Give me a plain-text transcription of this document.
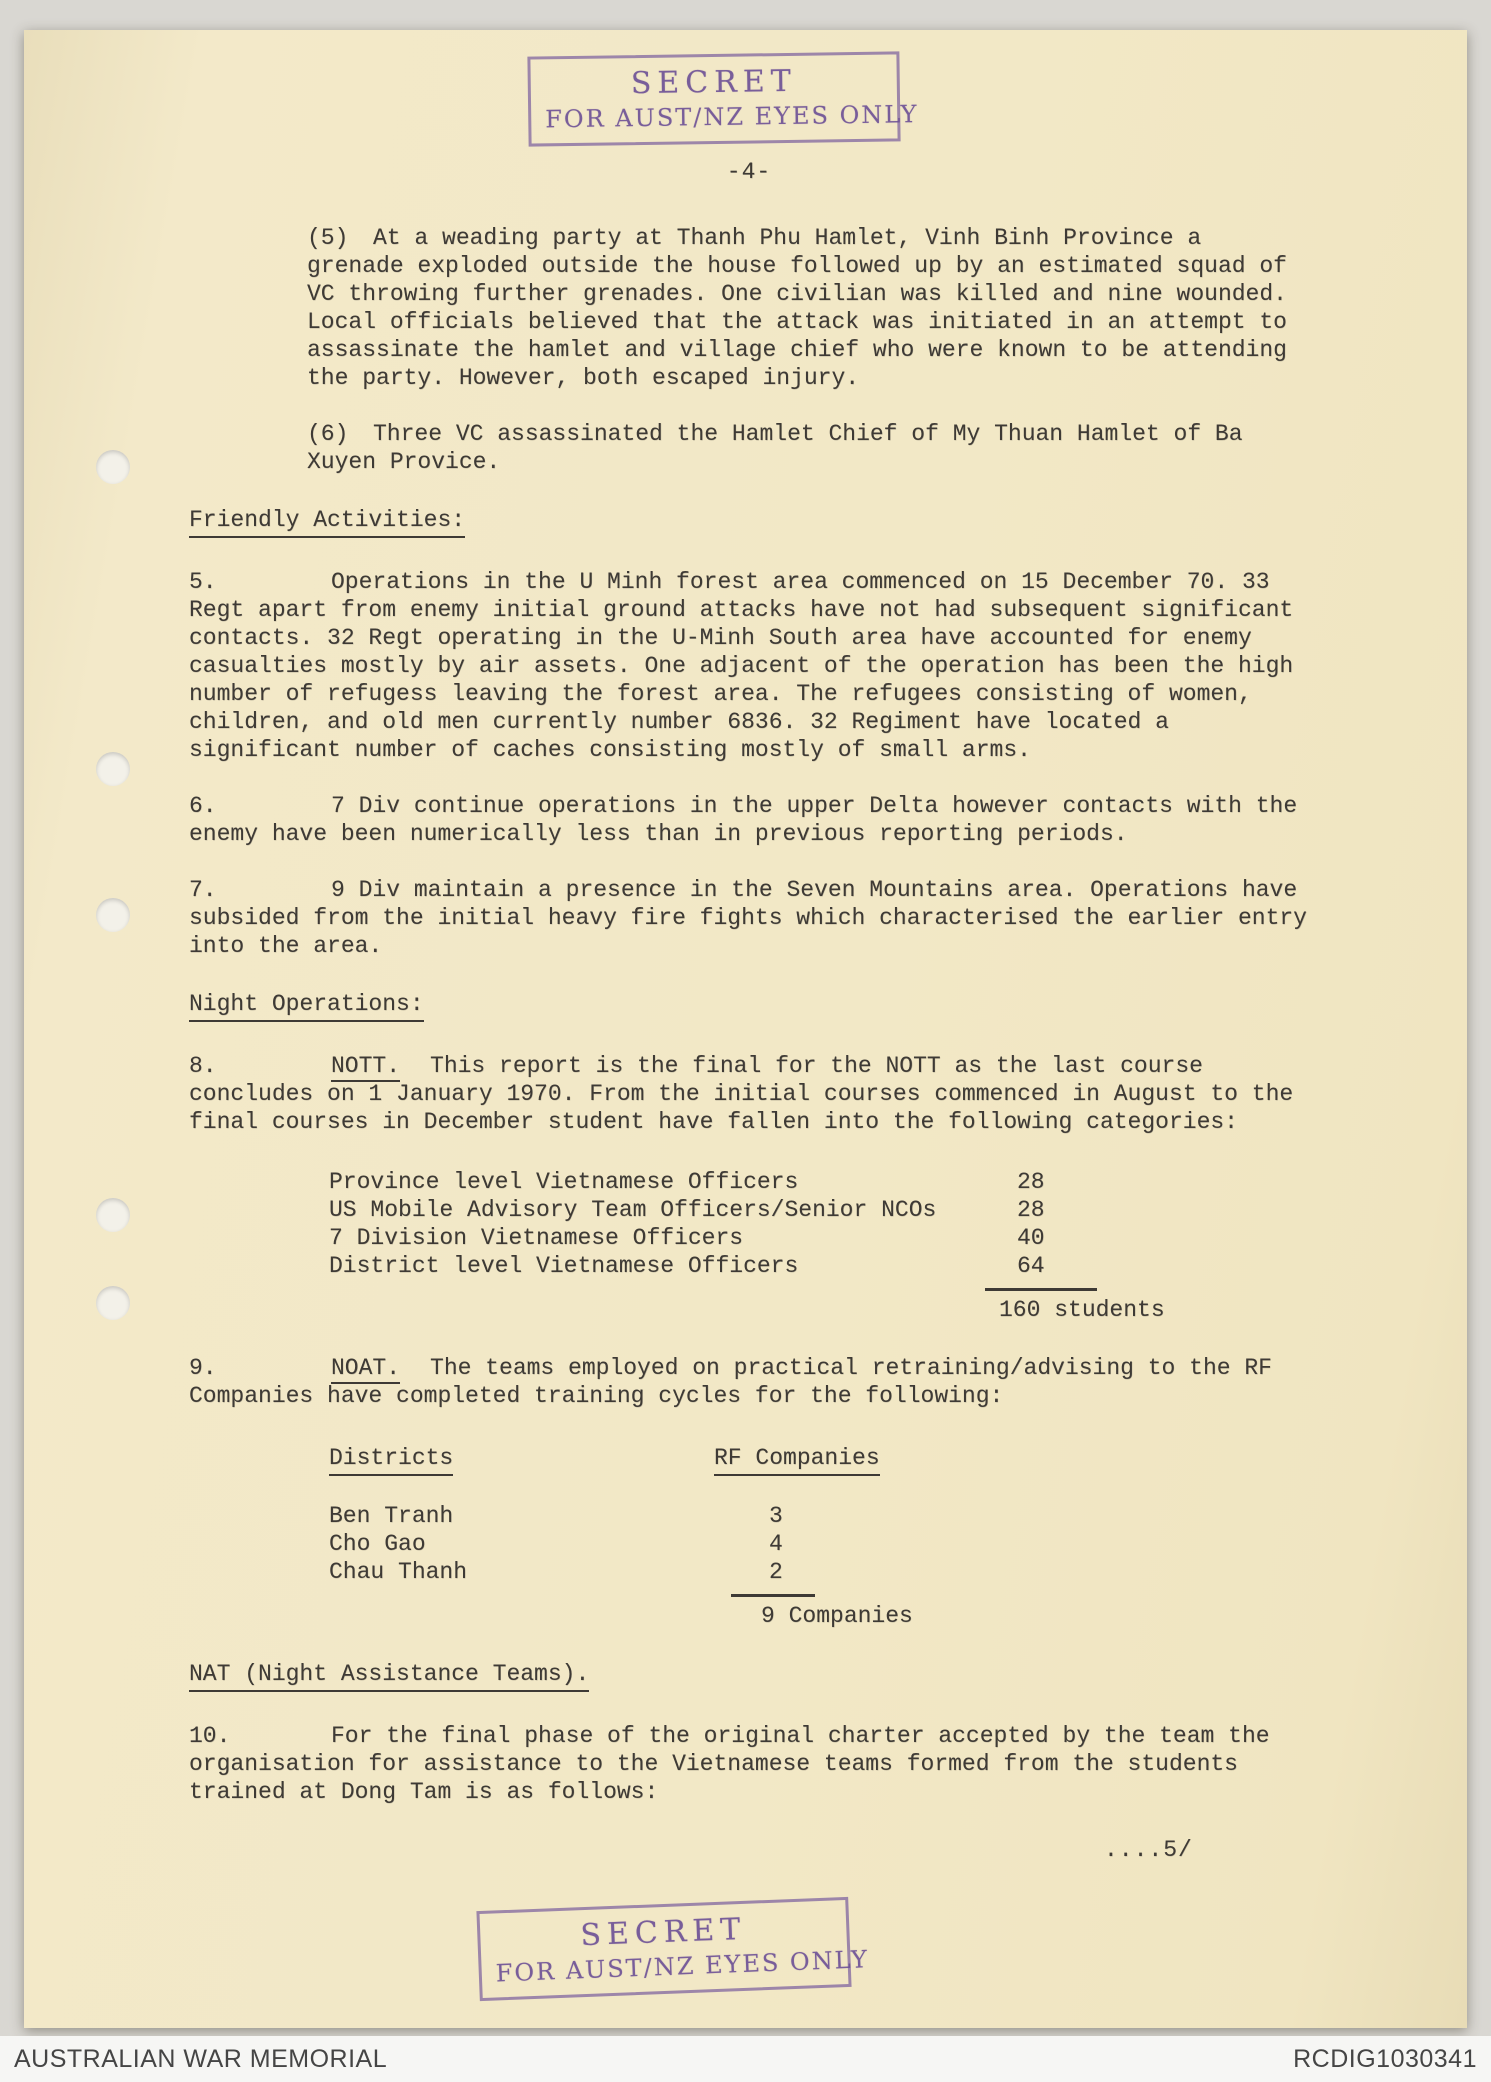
SECRET
FOR AUST/NZ EYES ONLY
-4-
(5) At a weading party at Thanh Phu Hamlet, Vinh Binh Province a grenade exploded outside the house followed up by an estimated squad of VC throwing further grenades. One civilian was killed and nine wounded. Local officials believed that the attack was initiated in an attempt to assassinate the hamlet and village chief who were known to be attending the party. However, both escaped injury.
(6) Three VC assassinated the Hamlet Chief of My Thuan Hamlet of Ba Xuyen Provice.
Friendly Activities:
5.	Operations in the U Minh forest area commenced on 15 December 70. 33 Regt apart from enemy initial ground attacks have not had subsequent significant contacts. 32 Regt operating in the U-Minh South area have accounted for enemy casualties mostly by air assets. One adjacent of the operation has been the high number of refugess leaving the forest area. The refugees consisting of women, children, and old men currently number 6836. 32 Regiment have located a significant number of caches consisting mostly of small arms.
6.	7 Div continue operations in the upper Delta however contacts with the enemy have been numerically less than in previous reporting periods.
7.	9 Div maintain a presence in the Seven Mountains area. Operations have subsided from the initial heavy fire fights which characterised the earlier entry into the area.
Night Operations:
8.	NOTT. This report is the final for the NOTT as the last course concludes on 1 January 1970. From the initial courses commenced in August to the final courses in December student have fallen into the following categories:
Province level Vietnamese Officers	28
US Mobile Advisory Team Officers/Senior NCOs	28
7 Division Vietnamese Officers	40
District level Vietnamese Officers	64
160 students
9.	NOAT. The teams employed on practical retraining/advising to the RF Companies have completed training cycles for the following:
Districts	RF Companies
Ben Tranh	3
Cho Gao	4
Chau Thanh	2
9 Companies
NAT (Night Assistance Teams).
10.	For the final phase of the original charter accepted by the team the organisation for assistance to the Vietnamese teams formed from the students trained at Dong Tam is as follows:
....5/
SECRET
FOR AUST/NZ EYES ONLY
AUSTRALIAN WAR MEMORIAL	RCDIG1030341
